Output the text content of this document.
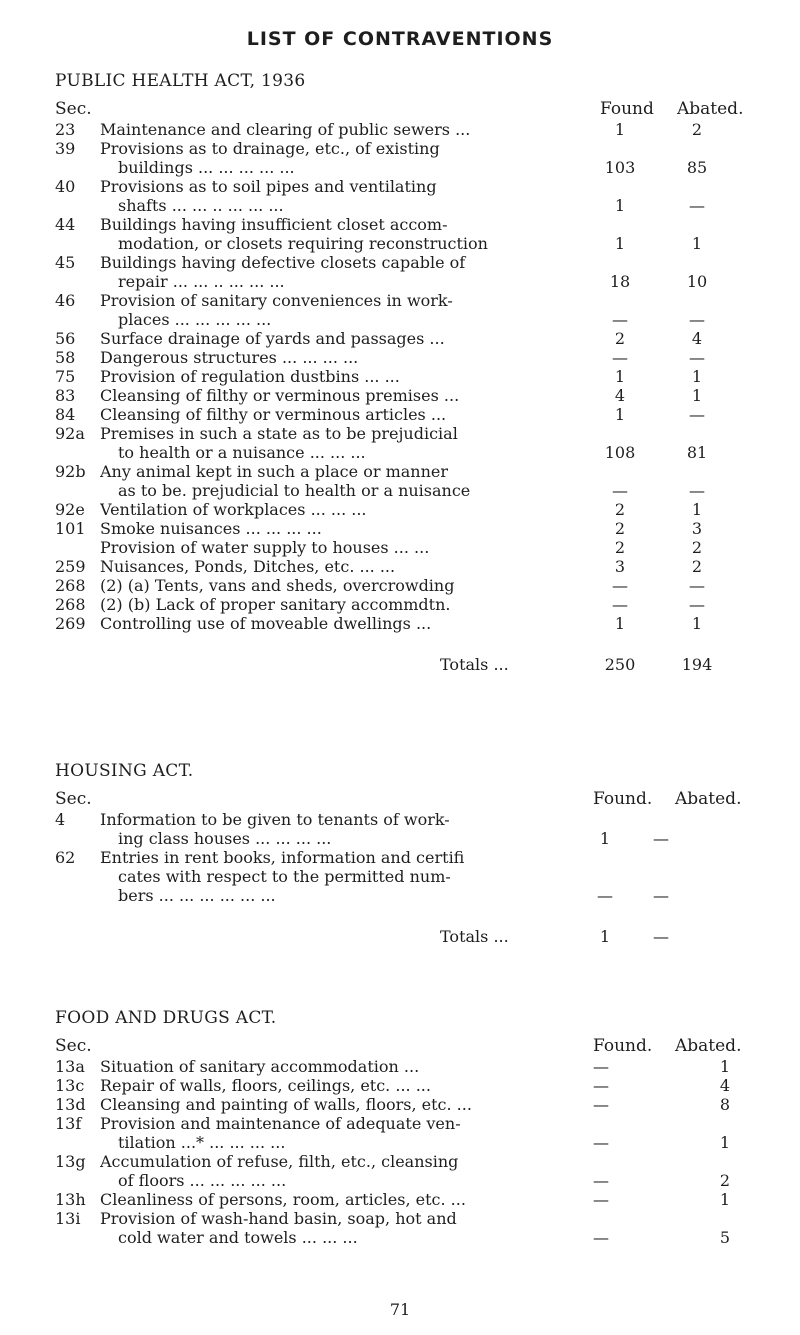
LIST OF CONTRAVENTIONS
PUBLIC HEALTH ACT, 1936
Sec.	Found Abated.
23 Maintenance and clearing of public sewers ...	1	2
39 Provisions as to drainage, etc., of existing
buildings ... ... ... ... ...	103	85
40 Provisions as to soil pipes and ventilating
shafts ... ... .. ... ... ...	1	—
44 Buildings having insufficient closet accom-
modation, or closets requiring reconstruction	1	1
45 Buildings having defective closets capable of
repair ... ... .. ... ... ...	18	10
46 Provision of sanitary conveniences in work-
places ... ... ... ... ...	—	—
56 Surface drainage of yards and passages ...	2	4
58 Dangerous structures ... ... ... ...	—	—
75 Provision of regulation dustbins ... ...	1	1
83 Cleansing of filthy or verminous premises ...	4	1
84 Cleansing of filthy or verminous articles ...	1	—
92a Premises in such a state as to be prejudicial
to health or a nuisance ... ... ...	108	81
92b Any animal kept in such a place or manner
as to be. prejudicial to health or a nuisance	—	—
92e Ventilation of workplaces ... ... ...	2	1
101 Smoke nuisances ... ... ... ...	2	3
Provision of water supply to houses ... ...	2	2
259 Nuisances, Ponds, Ditches, etc. ... ...	3	2
268 (2) (a) Tents, vans and sheds, overcrowding	—	—
268 (2) (b) Lack of proper sanitary accommdtn.	—	—
269 Controlling use of moveable dwellings ...	1	1
Totals ...	250	194
HOUSING ACT.
Sec.	Found. Abated.
4 Information to be given to tenants of work-
ing class houses ... ... ... ...	1	—
62 Entries in rent books, information and certifi
cates with respect to the permitted num-
bers ... ... ... ... ... ...	—	—
Totals ...	1	—
FOOD AND DRUGS ACT.
Sec.	Found. Abated.
13a Situation of sanitary accommodation ...	—	1
13c Repair of walls, floors, ceilings, etc. ... ...	—	4
13d Cleansing and painting of walls, floors, etc. ...	—	8
13f Provision and maintenance of adequate ven-
tilation ...* ... ... ... ...	—	1
13g Accumulation of refuse, filth, etc., cleansing
of floors ... ... ... ... ...	—	2
13h Cleanliness of persons, room, articles, etc. ...	—	1
13i Provision of wash-hand basin, soap, hot and
cold water and towels ... ... ...	—	5
71
